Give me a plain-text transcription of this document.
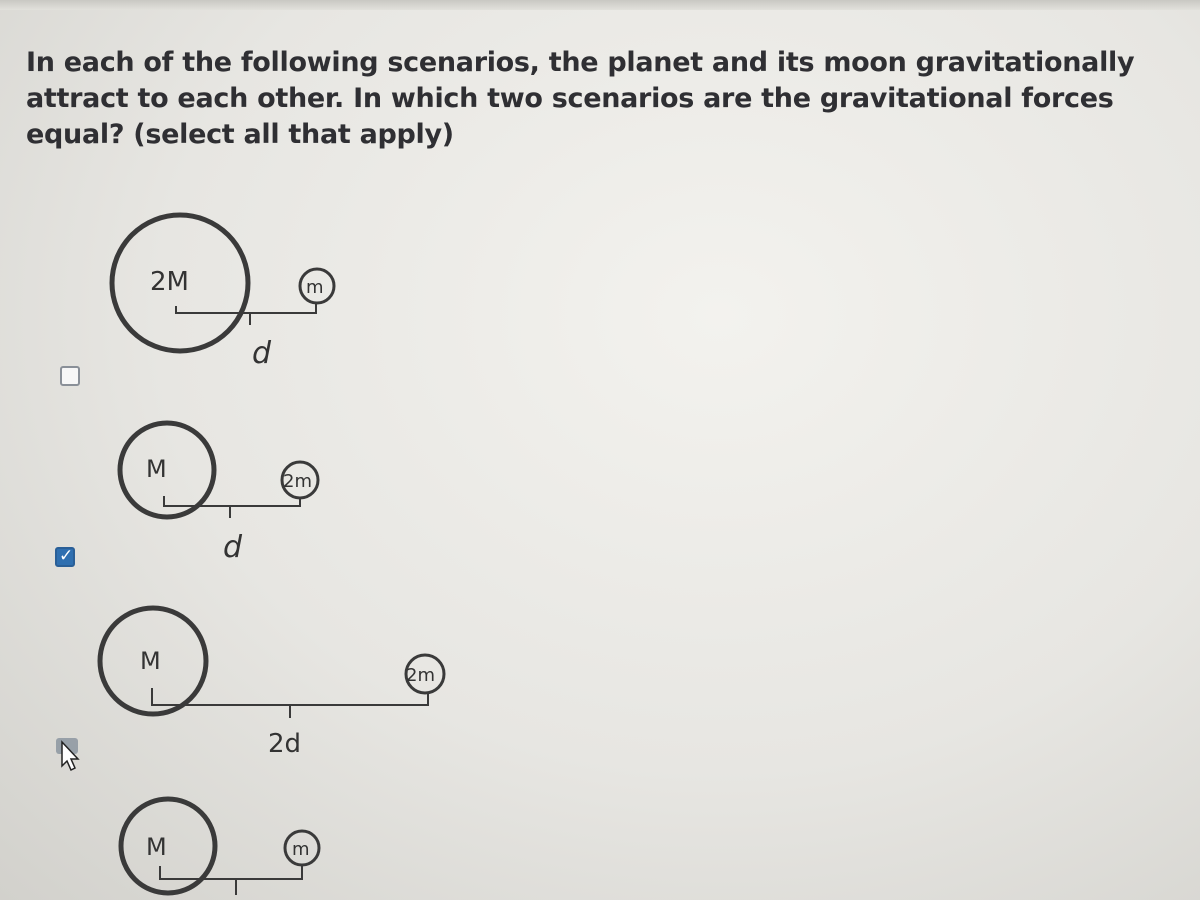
In each of the following scenarios, the planet and its moon gravitationally attract to each other. In which two scenarios are the gravitational forces equal? (select all that apply)
✓
2M	m
d
M	2m
d
M
2m
2d
M	m
